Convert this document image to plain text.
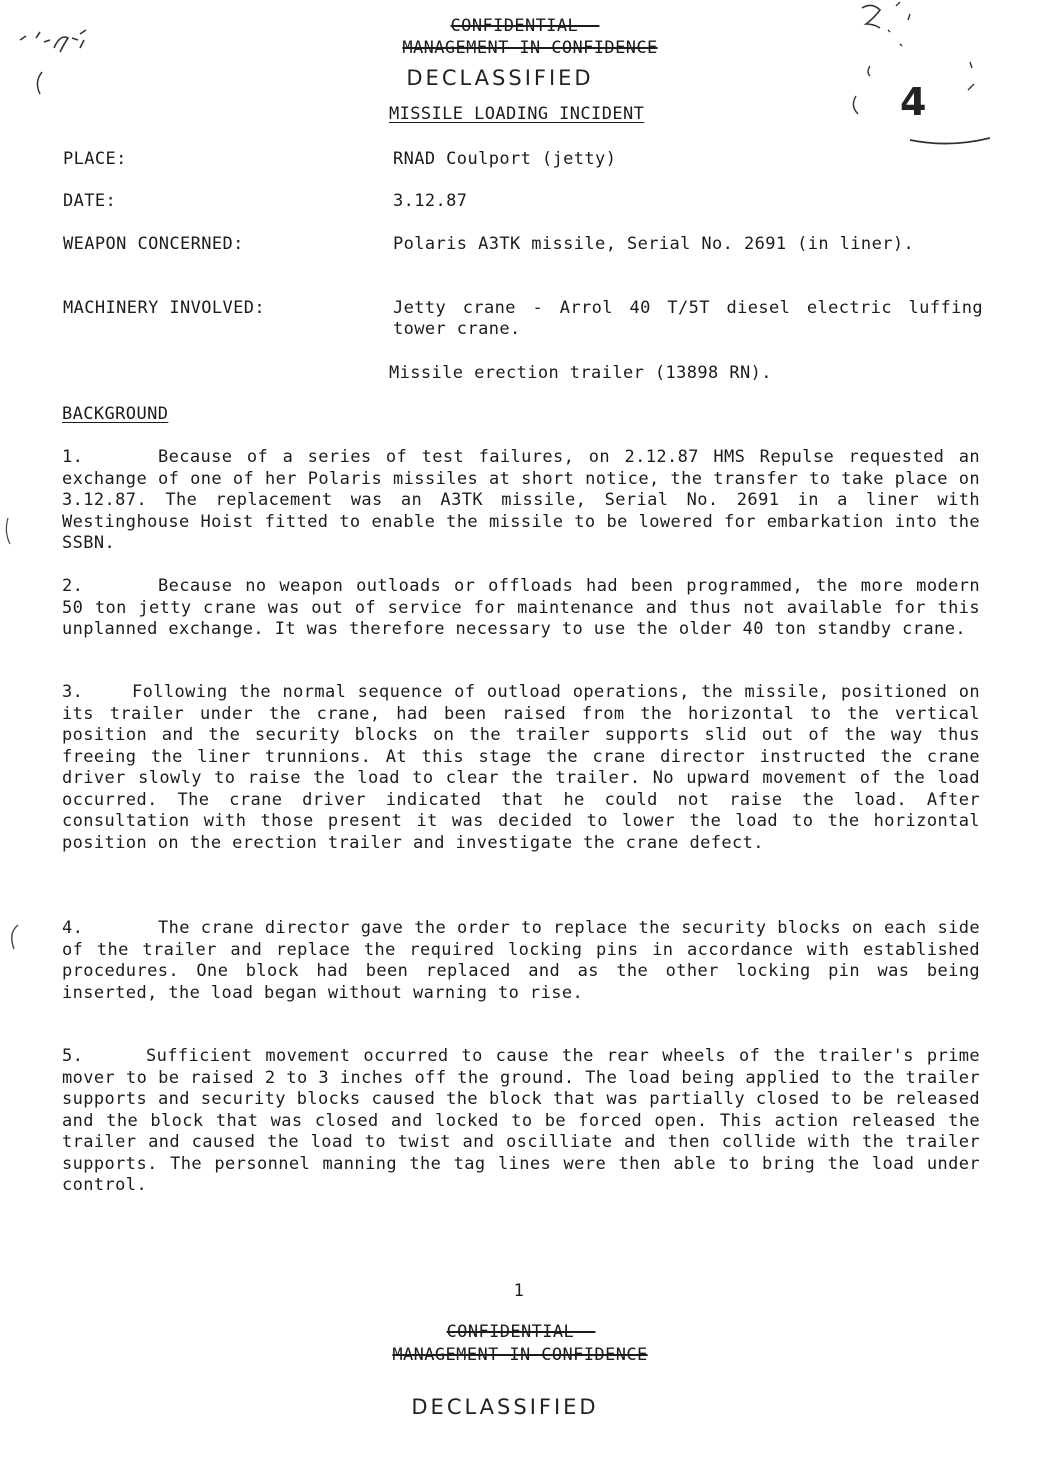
4
CONFIDENTIAL -
MANAGEMENT IN CONFIDENCE
DECLASSIFIED
MISSILE LOADING INCIDENT
PLACE:	RNAD Coulport (jetty)
DATE:	3.12.87
WEAPON CONCERNED:	Polaris A3TK missile, Serial No. 2691 (in liner).
MACHINERY INVOLVED:	Jetty crane - Arrol 40 T/5T diesel electric luffing tower crane.
Missile erection trailer (13898 RN).
BACKGROUND

1.	Because of a series of test failures, on 2.12.87 HMS Repulse requested an exchange of one of her Polaris missiles at short notice, the transfer to take place on 3.12.87. The replacement was an A3TK missile, Serial No. 2691 in a liner with Westinghouse Hoist fitted to enable the missile to be lowered for embarkation into the SSBN.

2.	Because no weapon outloads or offloads had been programmed, the more modern 50 ton jetty crane was out of service for maintenance and thus not available for this unplanned exchange. It was therefore necessary to use the older 40 ton standby crane.

3.	Following the normal sequence of outload operations, the missile, positioned on its trailer under the crane, had been raised from the horizontal to the vertical position and the security blocks on the trailer supports slid out of the way thus freeing the liner trunnions. At this stage the crane director instructed the crane driver slowly to raise the load to clear the trailer. No upward movement of the load occurred. The crane driver indicated that he could not raise the load. After consultation with those present it was decided to lower the load to the horizontal position on the erection trailer and investigate the crane defect.

4.	The crane director gave the order to replace the security blocks on each side of the trailer and replace the required locking pins in accordance with established procedures. One block had been replaced and as the other locking pin was being inserted, the load began without warning to rise.

5.	Sufficient movement occurred to cause the rear wheels of the trailer's prime mover to be raised 2 to 3 inches off the ground. The load being applied to the trailer supports and security blocks caused the block that was partially closed to be released and the block that was closed and locked to be forced open. This action released the trailer and caused the load to twist and oscilliate and then collide with the trailer supports. The personnel manning the tag lines were then able to bring the load under control.

1
CONFIDENTIAL -
MANAGEMENT IN CONFIDENCE
DECLASSIFIED
